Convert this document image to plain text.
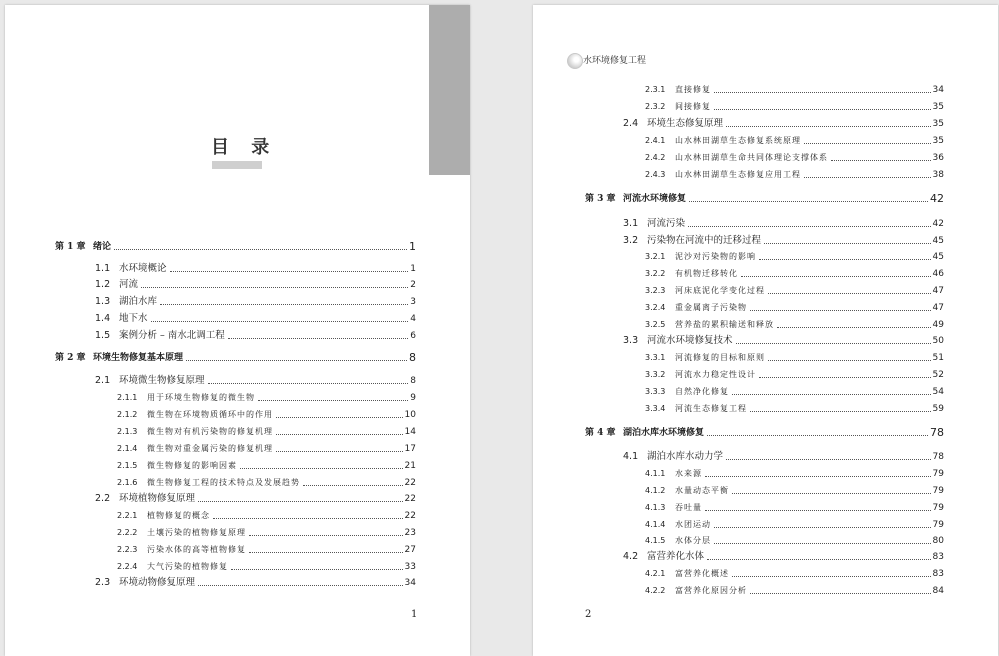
目 录
第 1 章 绪论	1
1.1 水环境概论	1
1.2 河流	2
1.3 湖泊水库	3
1.4 地下水	4
1.5 案例分析 – 南水北调工程	6
第 2 章 环境生物修复基本原理	8
2.1 环境微生物修复原理	8
2.1.1	用于环境生物修复的微生物	9
2.1.2	微生物在环境物质循环中的作用	10
2.1.3	微生物对有机污染物的修复机理	14
2.1.4	微生物对重金属污染的修复机理	17
2.1.5	微生物修复的影响因素	21
2.1.6	微生物修复工程的技术特点及发展趋势	22
2.2 环境植物修复原理	22
2.2.1	植物修复的概念	22
2.2.2	土壤污染的植物修复原理	23
2.2.3	污染水体的高等植物修复	27
2.2.4	大气污染的植物修复	33
2.3 环境动物修复原理	34
1
水环境修复工程
2.3.1	直接修复	34
2.3.2	间接修复	35
2.4 环境生态修复原理	35
2.4.1	山水林田湖草生态修复系统原理	35
2.4.2	山水林田湖草生命共同体理论支撑体系	36
2.4.3	山水林田湖草生态修复应用工程	38
第 3 章 河流水环境修复	42
3.1 河流污染	42
3.2 污染物在河流中的迁移过程	45
3.2.1	泥沙对污染物的影响	45
3.2.2	有机物迁移转化	46
3.2.3	河床底泥化学变化过程	47
3.2.4	重金属离子污染物	47
3.2.5	营养盐的累积输送和释放	49
3.3 河流水环境修复技术	50
3.3.1	河流修复的目标和原则	51
3.3.2	河流水力稳定性设计	52
3.3.3	自然净化修复	54
3.3.4	河流生态修复工程	59
第 4 章 湖泊水库水环境修复	78
4.1 湖泊水库水动力学	78
4.1.1	水来源	79
4.1.2	水量动态平衡	79
4.1.3	吞吐量	79
4.1.4	水团运动	79
4.1.5	水体分层	80
4.2 富营养化水体	83
4.2.1	富营养化概述	83
4.2.2	富营养化原因分析	84
2
